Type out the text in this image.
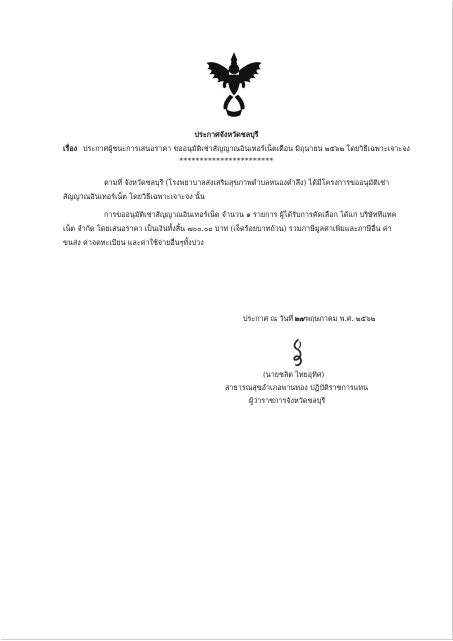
ประกาศจังหวัดชลบุรี
เรื่อง ประกาศผู้ชนะการเสนอราคา ขออนุมัติเช่าสัญญาณอินเทอร์เน็ตเดือน มิถุนายน ๒๕๖๒ โดยวิธีเฉพาะเจาะจง
***********************
ตามที่ จังหวัดชลบุรี (โรงพยาบาลส่งเสริมสุขภาพตำบลหนองตำลึง) ได้มีโครงการขออนุมัติเช่า
สัญญาณอินเทอร์เน็ต โดยวิธีเฉพาะเจาะจง นั้น
การขออนุมัติเช่าสัญญาณอินเทอร์เน็ต จำนวน ๑ รายการ ผู้ได้รับการคัดเลือก ได้แก่ บริษัททีแทค
เน็ต จำกัด โดยเสนอราคา เป็นเงินทั้งสิ้น ๗๐๐.๐๐ บาท (เจ็ดร้อยบาทถ้วน) รวมภาษีมูลค่าเพิ่มและภาษีอื่น ค่า
ขนส่ง ค่าจดทะเบียน และค่าใช้จ่ายอื่นๆทั้งปวง
ประกาศ ณ วันที่๒๗พฤษภาคม พ.ศ. ๒๕๖๒
(นายชลิต ไทยอุทิศ)
สาธารณสุขอำเภอพานทอง ปฏิบัติราชการแทน
ผู้ว่าราชการจังหวัดชลบุรี
